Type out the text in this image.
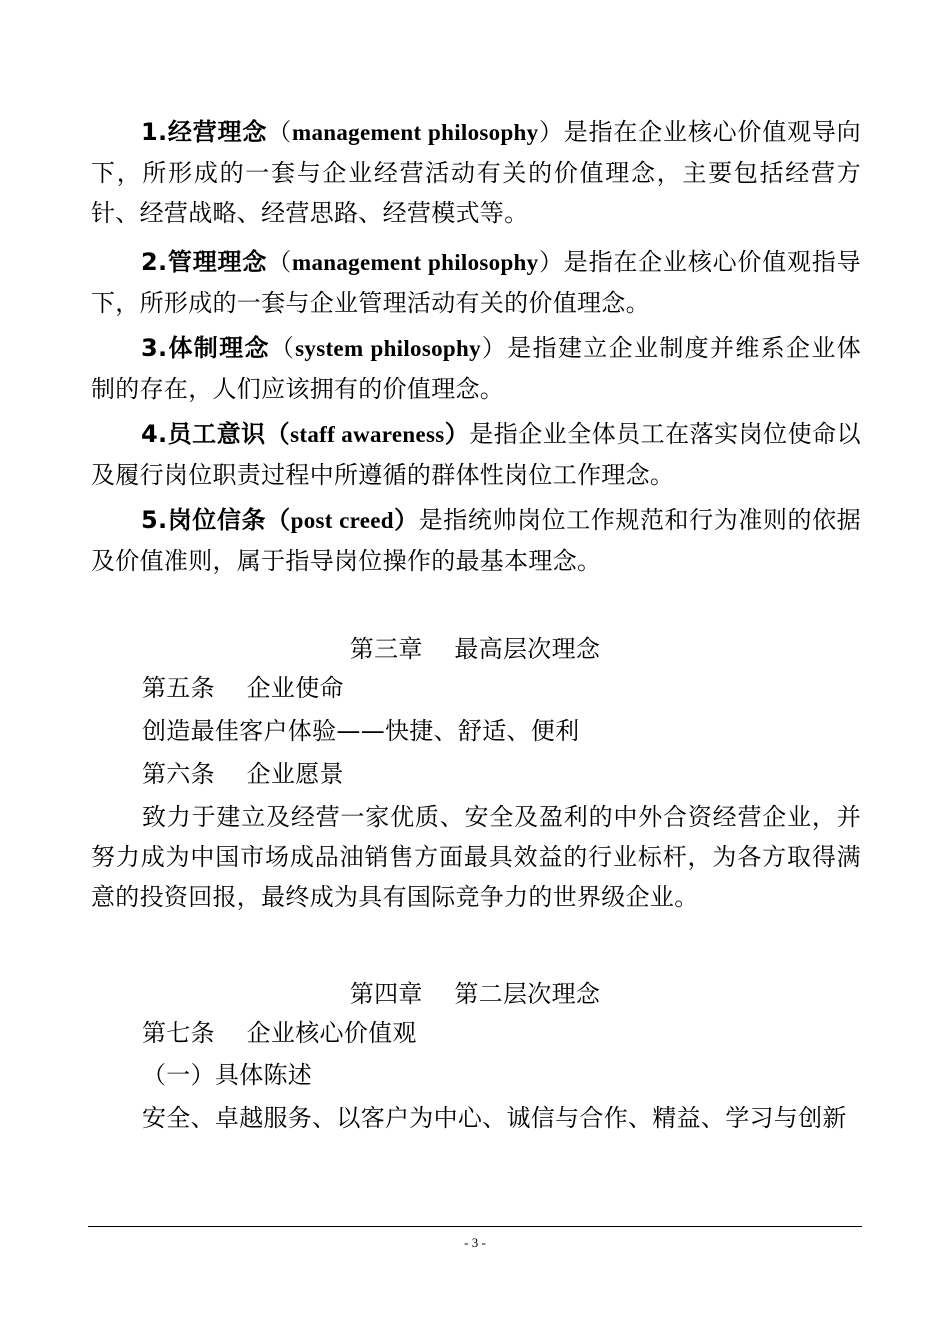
1.经营理念（management philosophy）是指在企业核心价值观导向下，所形成的一套与企业经营活动有关的价值理念，主要包括经营方针、经营战略、经营思路、经营模式等。
2.管理理念（management philosophy）是指在企业核心价值观指导下，所形成的一套与企业管理活动有关的价值理念。
3.体制理念（system philosophy）是指建立企业制度并维系企业体制的存在，人们应该拥有的价值理念。
4.员工意识（staff awareness）是指企业全体员工在落实岗位使命以及履行岗位职责过程中所遵循的群体性岗位工作理念。
5.岗位信条（post creed）是指统帅岗位工作规范和行为准则的依据及价值准则，属于指导岗位操作的最基本理念。
第三章    最高层次理念
第五条    企业使命
创造最佳客户体验——快捷、舒适、便利
第六条    企业愿景
致力于建立及经营一家优质、安全及盈利的中外合资经营企业，并努力成为中国市场成品油销售方面最具效益的行业标杆，为各方取得满意的投资回报，最终成为具有国际竞争力的世界级企业。
第四章    第二层次理念
第七条    企业核心价值观
（一）具体陈述
安全、卓越服务、以客户为中心、诚信与合作、精益、学习与创新
- 3 -
